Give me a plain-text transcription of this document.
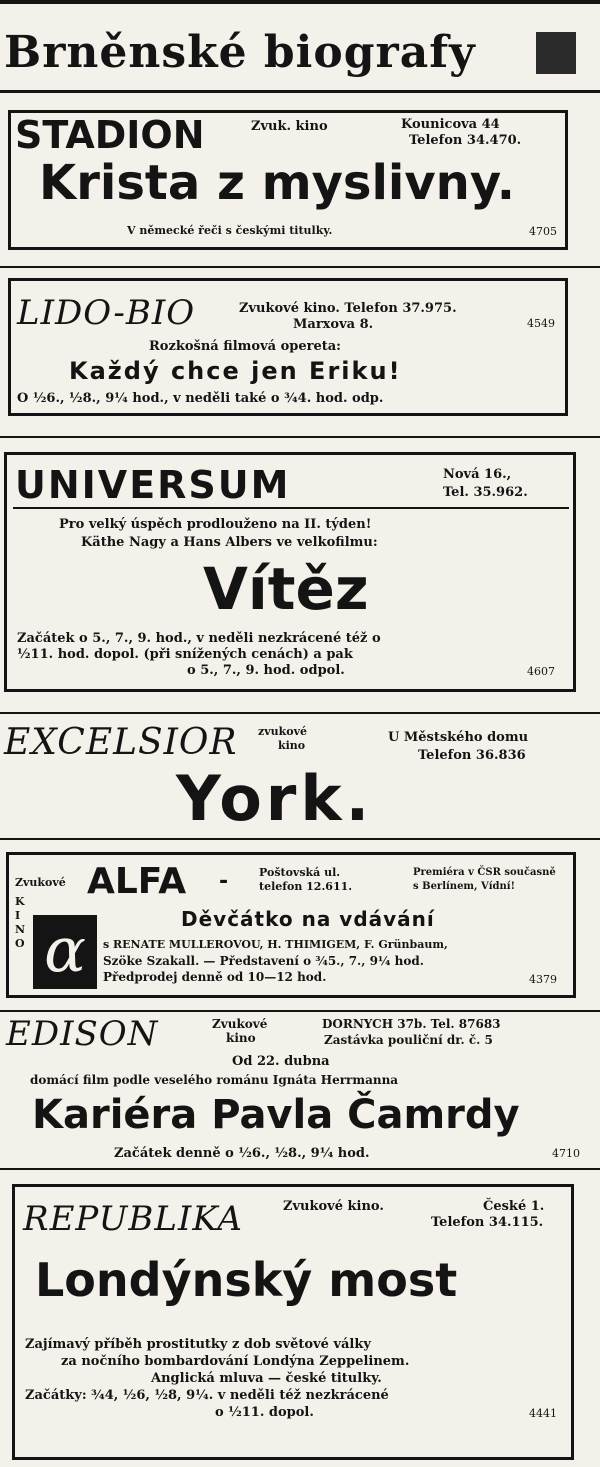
Brněnské biografy
STADION	Zvuk. kino	Kounicova 44
Telefon 34.470.
Krista z myslivny.
V německé řeči s českými titulky.	4705
LIDO-BIO	Zvukové kino. Telefon 37.975.
Marxova 8.	4549
Rozkošná filmová opereta:
Každý chce jen Eriku!
O ½6., ½8., 9¼ hod., v neděli také o ¾4. hod. odp.
UNIVERSUM	Nová 16.,
Tel. 35.962.
Pro velký úspěch prodlouženo na II. týden!
Käthe Nagy a Hans Albers ve velkofilmu:
Vítěz
Začátek o 5., 7., 9. hod., v neděli nezkrácené též o
½11. hod. dopol. (při snížených cenách) a pak
o 5., 7., 9. hod. odpol.	4607
EXCELSIOR zvukové
kino
U Městského domu
Telefon 36.836
York.
Zvukové ALFA -	Poštovská ul.
telefon 12.611.
Premiéra v ČSR současně
s Berlínem, Vídní!
KINO α	Děvčátko na vdávání
s RENATE MULLEROVOU, H. THIMIGEM, F. Grünbaum,
Szöke Szakall. — Představení o ¾5., 7., 9¼ hod.
Předprodej denně od 10—12 hod.	4379
EDISON	Zvukové
kino
DORNYCH 37b. Tel. 87683
Zastávka pouliční dr. č. 5
Od 22. dubna
domácí film podle veselého románu Ignáta Herrmanna
Kariéra Pavla Čamrdy
Začátek denně o ½6., ½8., 9¼ hod.	4710
REPUBLIKA	Zvukové kino.	České 1.
Telefon 34.115.
Londýnský most
Zajímavý příběh prostitutky z dob světové války
za nočního bombardování Londýna Zeppelinem.
Anglická mluva — české titulky.
Začátky: ¾4, ½6, ½8, 9¼. v neděli též nezkrácené
o ½11. dopol.	4441
